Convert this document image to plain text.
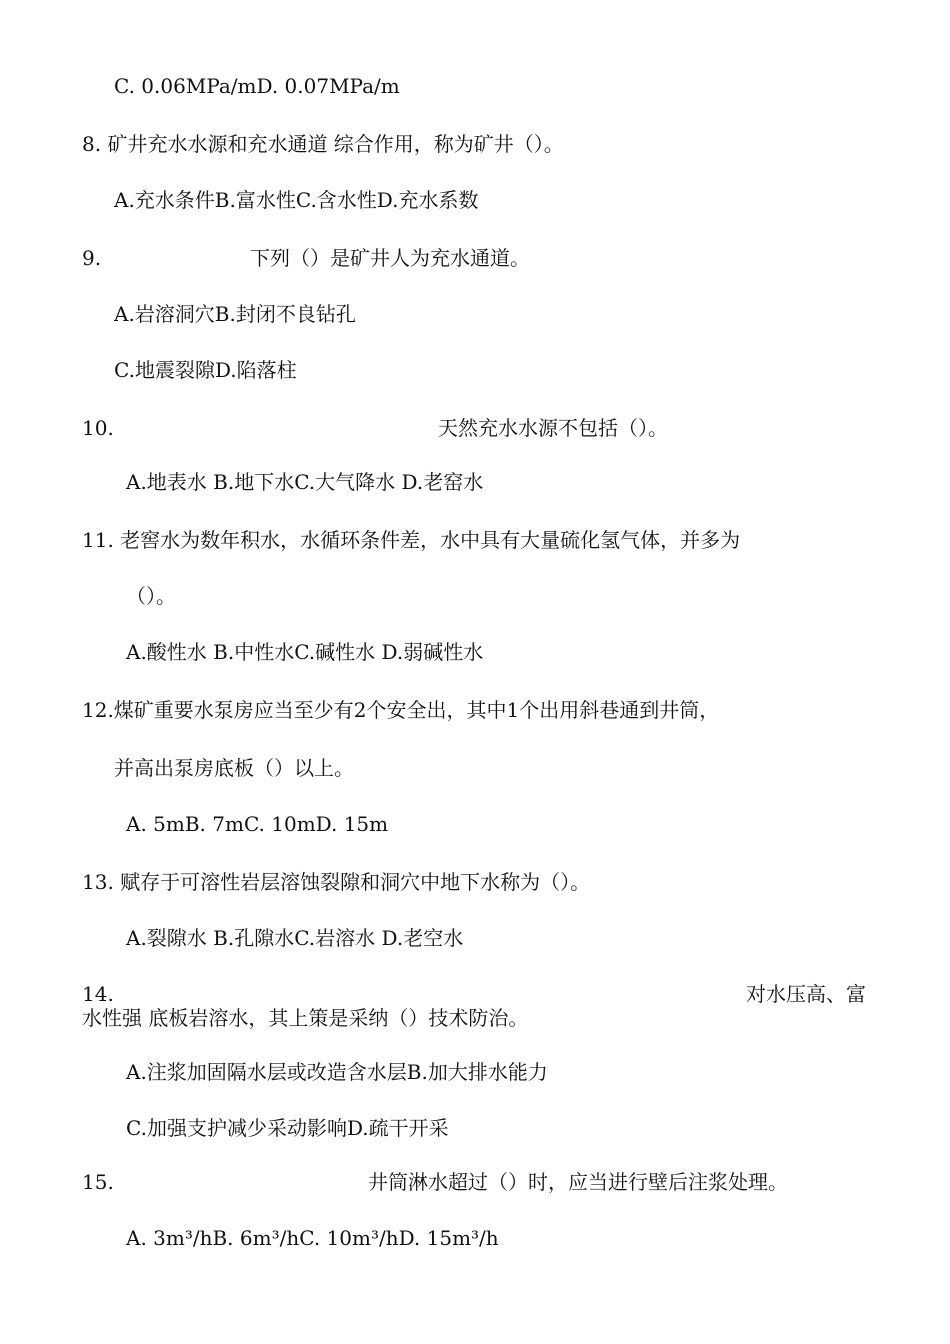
C. 0.06MPa/mD. 0.07MPa/m
8. 矿井充水水源和充水通道 综合作用，称为矿井（）。
A.充水条件B.富水性C.含水性D.充水系数
9.	下列（）是矿井人为充水通道。
A.岩溶洞穴B.封闭不良钻孔
C.地震裂隙D.陷落柱
10.	天然充水水源不包括（）。
A.地表水 B.地下水C.大气降水 D.老窑水
11. 老窖水为数年积水，水循环条件差，水中具有大量硫化氢气体，并多为
（）。
A.酸性水 B.中性水C.碱性水 D.弱碱性水
12.煤矿重要水泵房应当至少有2个安全出，其中1个出用斜巷通到井筒，
并高出泵房底板（）以上。
A. 5mB. 7mC. 10mD. 15m
13. 赋存于可溶性岩层溶蚀裂隙和洞穴中地下水称为（）。
A.裂隙水 B.孔隙水C.岩溶水 D.老空水
14.	对水压高、富
水性强 底板岩溶水，其上策是采纳（）技术防治。
A.注浆加固隔水层或改造含水层B.加大排水能力
C.加强支护减少采动影响D.疏干开采
15.	井筒淋水超过（）时，应当进行壁后注浆处理。
A. 3m³/hB. 6m³/hC. 10m³/hD. 15m³/h
